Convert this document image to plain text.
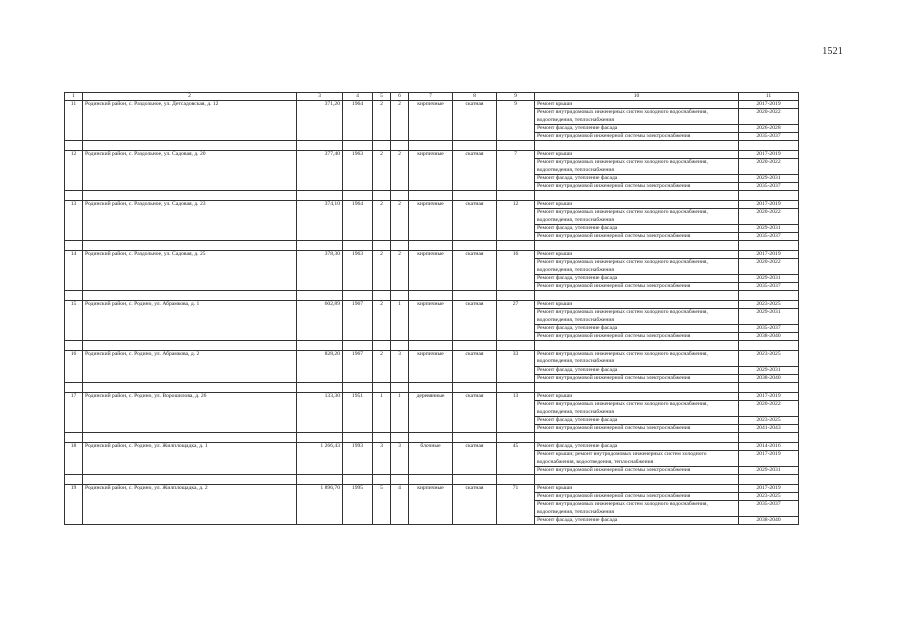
1521
1	2	3	4	5	6	7	8	9	10	11
11	Родинский район, с. Раздольное, ул. Детсадовская, д. 12	371,20	1964	2	2	кирпичные	скатная	9	Ремонт крыши	2017-2019
									Ремонт внутридомовых инженерных систем холодного водоснабжения, водоотведения, теплоснабжения	2020-2022
									Ремонт фасада, утепление фасада	2026-2028
									Ремонт внутридомовой инженерной системы электроснабжения	2035-2037

12	Родинский район, с. Раздольное, ул. Садовая, д. 20	377,40	1963	2	2	кирпичные	скатная	7	Ремонт крыши	2017-2019
									Ремонт внутридомовых инженерных систем холодного водоснабжения, водоотведения, теплоснабжения	2020-2022
									Ремонт фасада, утепление фасада	2029-2031
									Ремонт внутридомовой инженерной системы электроснабжения	2035-2037

13	Родинский район, с. Раздольное, ул. Садовая, д. 23	374,10	1964	2	2	кирпичные	скатная	12	Ремонт крыши	2017-2019
									Ремонт внутридомовых инженерных систем холодного водоснабжения, водоотведения, теплоснабжения	2020-2022
									Ремонт фасада, утепление фасада	2029-2031
									Ремонт внутридомовой инженерной системы электроснабжения	2035-2037

14	Родинский район, с. Раздольное, ул. Садовая, д. 25	378,30	1963	2	2	кирпичные	скатная	16	Ремонт крыши	2017-2019
									Ремонт внутридомовых инженерных систем холодного водоснабжения, водоотведения, теплоснабжения	2020-2022
									Ремонт фасада, утепление фасада	2029-2031
									Ремонт внутридомовой инженерной системы электроснабжения	2035-2037

15	Родинский район, с. Родино, ул. Абрамкова, д. 1	602,89	1967	2	1	кирпичные	скатная	27	Ремонт крыши	2023-2025
									Ремонт внутридомовых инженерных систем холодного водоснабжения, водоотведения, теплоснабжения	2029-2031
									Ремонт фасада, утепление фасада	2035-2037
									Ремонт внутридомовой инженерной системы электроснабжения	2038-2040

16	Родинский район, с. Родино, ул. Абрамкова, д. 2	828,20	1967	2	3	кирпичные	скатная	33	Ремонт внутридомовых инженерных систем холодного водоснабжения, водоотведения, теплоснабжения	2023-2025
									Ремонт фасада, утепление фасада	2029-2031
									Ремонт внутридомовой инженерной системы электроснабжения	2038-2040

17	Родинский район, с. Родино, ул. Ворошилова, д. 26	133,30	1951	1	1	деревянные	скатная	13	Ремонт крыши	2017-2019
									Ремонт внутридомовых инженерных систем холодного водоснабжения, водоотведения, теплоснабжения	2020-2022
									Ремонт фасада, утепление фасада	2023-2025
									Ремонт внутридомовой инженерной системы электроснабжения	2041-2043

18	Родинский район, с. Родино, ул. Жилплощадка, д. 1	1 266,43	1993	3	3	блочные	скатная	45	Ремонт фасада, утепление фасада	2014-2016
									Ремонт крыши; ремонт внутридомовых инженерных систем холодного водоснабжения, водоотведения, теплоснабжения	2017-2019
									Ремонт внутридомовой инженерной системы электроснабжения	2029-2031

19	Родинский район, с. Родино, ул. Жилплощадка, д. 2	1 896,70	1995	5	4	кирпичные	скатная	71	Ремонт крыши	2017-2019
									Ремонт внутридомовой инженерной системы электроснабжения	2023-2025
									Ремонт внутридомовых инженерных систем холодного водоснабжения, водоотведения, теплоснабжения	2035-2037
									Ремонт фасада, утепление фасада	2038-2040
